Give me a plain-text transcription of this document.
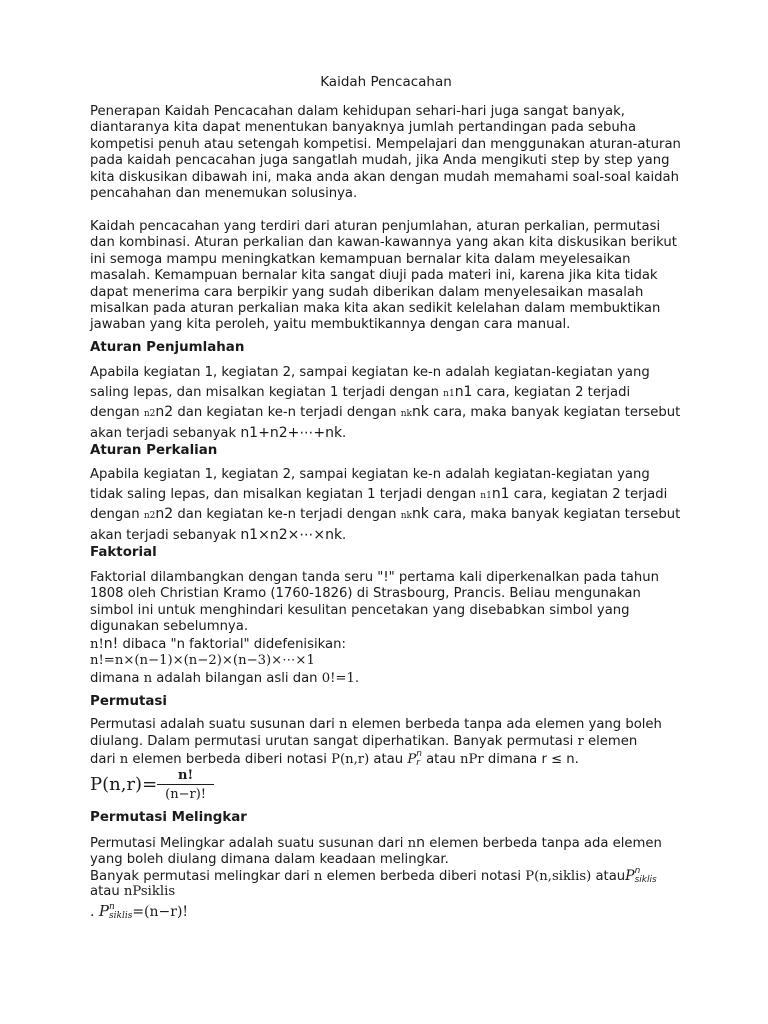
Kaidah Pencacahan

Penerapan Kaidah Pencacahan dalam kehidupan sehari-hari juga sangat banyak, diantaranya kita dapat menentukan banyaknya jumlah pertandingan pada sebuha kompetisi penuh atau setengah kompetisi. Mempelajari dan menggunakan aturan-aturan pada kaidah pencacahan juga sangatlah mudah, jika Anda mengikuti step by step yang kita diskusikan dibawah ini, maka anda akan dengan mudah memahami soal-soal kaidah pencahahan dan menemukan solusinya.

Kaidah pencacahan yang terdiri dari aturan penjumlahan, aturan perkalian, permutasi dan kombinasi. Aturan perkalian dan kawan-kawannya yang akan kita diskusikan berikut ini semoga mampu meningkatkan kemampuan bernalar kita dalam meyelesaikan masalah. Kemampuan bernalar kita sangat diuji pada materi ini, karena jika kita tidak dapat menerima cara berpikir yang sudah diberikan dalam menyelesaikan masalah misalkan pada aturan perkalian maka kita akan sedikit kelelahan dalam membuktikan jawaban yang kita peroleh, yaitu membuktikannya dengan cara manual.

Aturan Penjumlahan

Apabila kegiatan 1, kegiatan 2, sampai kegiatan ke-n adalah kegiatan-kegiatan yang saling lepas, dan misalkan kegiatan 1 terjadi dengan n1n1 cara, kegiatan 2 terjadi dengan n2n2 dan kegiatan ke-n terjadi dengan nknk cara, maka banyak kegiatan tersebut akan terjadi sebanyak n1+n2+⋯+nk.

Aturan Perkalian

Apabila kegiatan 1, kegiatan 2, sampai kegiatan ke-n adalah kegiatan-kegiatan yang tidak saling lepas, dan misalkan kegiatan 1 terjadi dengan n1n1 cara, kegiatan 2 terjadi dengan n2n2 dan kegiatan ke-n terjadi dengan nknk cara, maka banyak kegiatan tersebut akan terjadi sebanyak n1×n2×⋯×nk.

Faktorial

Faktorial dilambangkan dengan tanda seru "!" pertama kali diperkenalkan pada tahun 1808 oleh Christian Kramo (1760-1826) di Strasbourg, Prancis. Beliau mengunakan simbol ini untuk menghindari kesulitan pencetakan yang disebabkan simbol yang digunakan sebelumnya.

n!n! dibaca "n faktorial" didefenisikan:

n!=n×(n−1)×(n−2)×(n−3)×⋯×1

dimana n adalah bilangan asli dan 0!=1.

Permutasi

Permutasi adalah suatu susunan dari n elemen berbeda tanpa ada elemen yang boleh

diulang. Dalam permutasi urutan sangat diperhatikan. Banyak permutasi r elemen

dari n elemen berbeda diberi notasi P(n,r) atau P n
r atau nPr dimana r ≤ n.

$P(n,r)= \frac{n!}{(n-r)!}$
Permutasi Melingkar

Permutasi Melingkar adalah suatu susunan dari nn elemen berbeda tanpa ada elemen

yang boleh diulang dimana dalam keadaan melingkar.

Banyak permutasi melingkar dari n elemen berbeda diberi notasi P(n,siklis) atauP n
siklis

atau nPsiklis

. P n
siklis =(n−r)!
